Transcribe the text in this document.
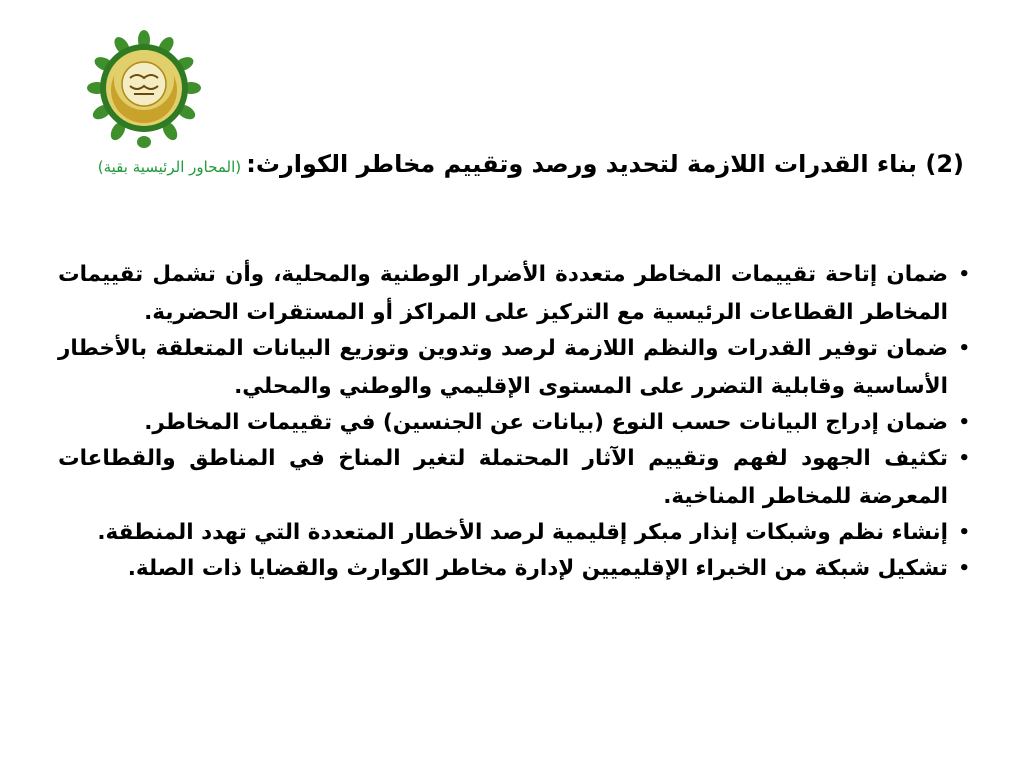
(2) بناء القدرات اللازمة لتحديد ورصد وتقييم مخاطر الكوارث: (المحاور الرئيسية بقية)
•
ضمان إتاحة تقييمات المخاطر متعددة الأضرار الوطنية والمحلية، وأن تشمل تقييمات المخاطر القطاعات الرئيسية مع التركيز على المراكز أو المستقرات الحضرية.
•
ضمان توفير القدرات والنظم اللازمة لرصد وتدوين وتوزيع البيانات المتعلقة بالأخطار الأساسية وقابلية التضرر على المستوى الإقليمي والوطني والمحلي.
•
ضمان إدراج البيانات حسب النوع (بيانات عن الجنسين) في تقييمات المخاطر.
•
تكثيف الجهود لفهم وتقييم الآثار المحتملة لتغير المناخ في المناطق والقطاعات المعرضة للمخاطر المناخية.
•
إنشاء نظم وشبكات إنذار مبكر إقليمية لرصد الأخطار المتعددة التي تهدد المنطقة.
•
تشكيل شبكة من الخبراء الإقليميين لإدارة مخاطر الكوارث والقضايا ذات الصلة.
